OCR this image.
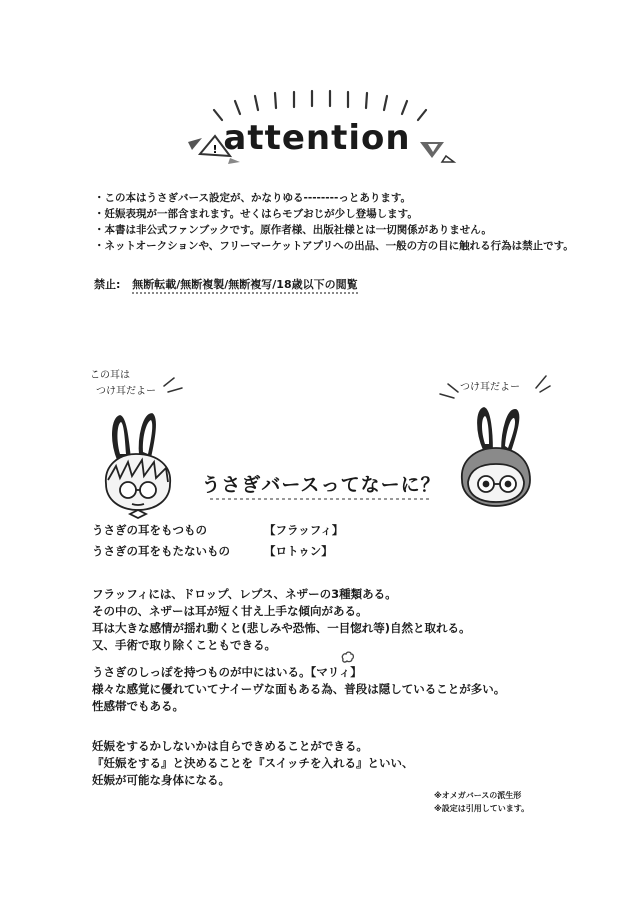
! attention
・この本はうさぎバース設定が、かなりゆる--------っとあります。
・妊娠表現が一部含まれます。せくはらモブおじが少し登場します。
・本書は非公式ファンブックです。原作者様、出版社様とは一切関係がありません。
・ネットオークションや、フリーマーケットアプリへの出品、一般の方の目に触れる行為は禁止です。
禁止: 無断転載/無断複製/無断複写/18歳以下の閲覧
この耳は
つけ耳だよー	つけ耳だよー
うさぎバースってなーに？
うさぎの耳をもつもの	【フラッフィ】
うさぎの耳をもたないもの	【ロトゥン】
フラッフィには、ドロップ、レプス、ネザーの3種類ある。
その中の、ネザーは耳が短く甘え上手な傾向がある。
耳は大きな感情が揺れ動くと(悲しみや恐怖、一目惚れ等)自然と取れる。
又、手術で取り除くこともできる。
うさぎのしっぽを持つものが中にはいる。【マリィ】
様々な感覚に優れていてナイーヴな面もある為、普段は隠していることが多い。
性感帯でもある。
妊娠をするかしないかは自らできめることができる。
『妊娠をする』と決めることを『スイッチを入れる』といい、
妊娠が可能な身体になる。
※オメガバースの派生形
※設定は引用しています。
